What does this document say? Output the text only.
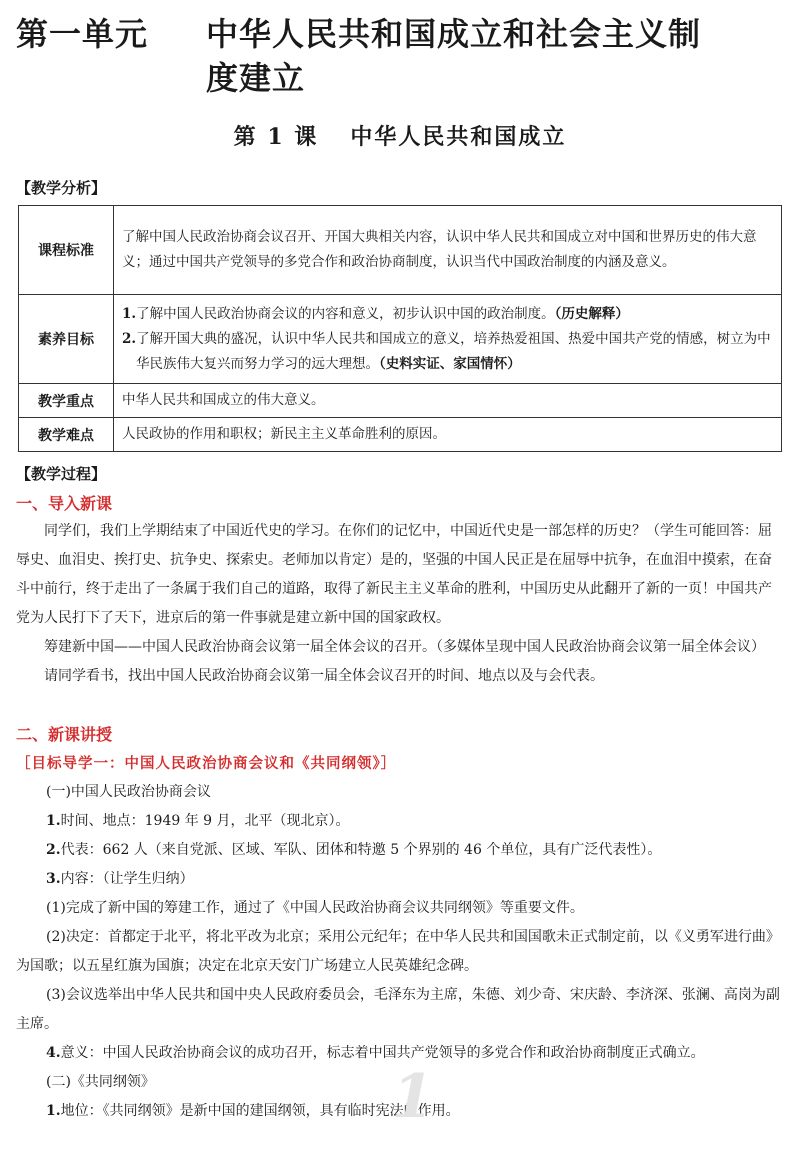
第一单元 中华人民共和国成立和社会主义制
度建立
第 1 课 中华人民共和国成立
【教学分析】
课程标准	了解中国人民政治协商会议召开、开国大典相关内容，认识中华人民共和国成立对中国和世界历史的伟大意义；通过中国共产党领导的多党合作和政治协商制度，认识当代中国政治制度的内涵及意义。
素养目标	1.了解中国人民政治协商会议的内容和意义，初步认识中国的政治制度。（历史解释）
2.了解开国大典的盛况，认识中华人民共和国成立的意义，培养热爱祖国、热爱中国共产党的情感，树立为中华民族伟大复兴而努力学习的远大理想。（史料实证、家国情怀）

教学重点	中华人民共和国成立的伟大意义。
教学难点	人民政协的作用和职权；新民主主义革命胜利的原因。
【教学过程】
一、导入新课

同学们，我们上学期结束了中国近代史的学习。在你们的记忆中，中国近代史是一部怎样的历史？（学生可能回答：屈辱史、血泪史、挨打史、抗争史、探索史。老师加以肯定）是的，坚强的中国人民正是在屈辱中抗争，在血泪中摸索，在奋斗中前行，终于走出了一条属于我们自己的道路，取得了新民主主义革命的胜利，中国历史从此翻开了新的一页！中国共产党为人民打下了天下，进京后的第一件事就是建立新中国的国家政权。

筹建新中国——中国人民政治协商会议第一届全体会议的召开。（多媒体呈现中国人民政治协商会议第一届全体会议）

请同学看书，找出中国人民政治协商会议第一届全体会议召开的时间、地点以及与会代表。

二、新课讲授
［目标导学一：中国人民政治协商会议和《共同纲领》］

(一)中国人民政治协商会议

1.时间、地点：1949 年 9 月，北平（现北京）。

2.代表：662 人（来自党派、区域、军队、团体和特邀 5 个界别的 46 个单位，具有广泛代表性）。

3.内容：（让学生归纳）

(1)完成了新中国的筹建工作，通过了《中国人民政治协商会议共同纲领》等重要文件。

(2)决定：首都定于北平，将北平改为北京；采用公元纪年；在中华人民共和国国歌未正式制定前，以《义勇军进行曲》为国歌；以五星红旗为国旗；决定在北京天安门广场建立人民英雄纪念碑。

(3)会议选举出中华人民共和国中央人民政府委员会，毛泽东为主席，朱德、刘少奇、宋庆龄、李济深、张澜、高岗为副主席。

4.意义：中国人民政治协商会议的成功召开，标志着中国共产党领导的多党合作和政治协商制度正式确立。

(二)《共同纲领》

1.地位：《共同纲领》是新中国的建国纲领，具有临时宪法的作用。

1
